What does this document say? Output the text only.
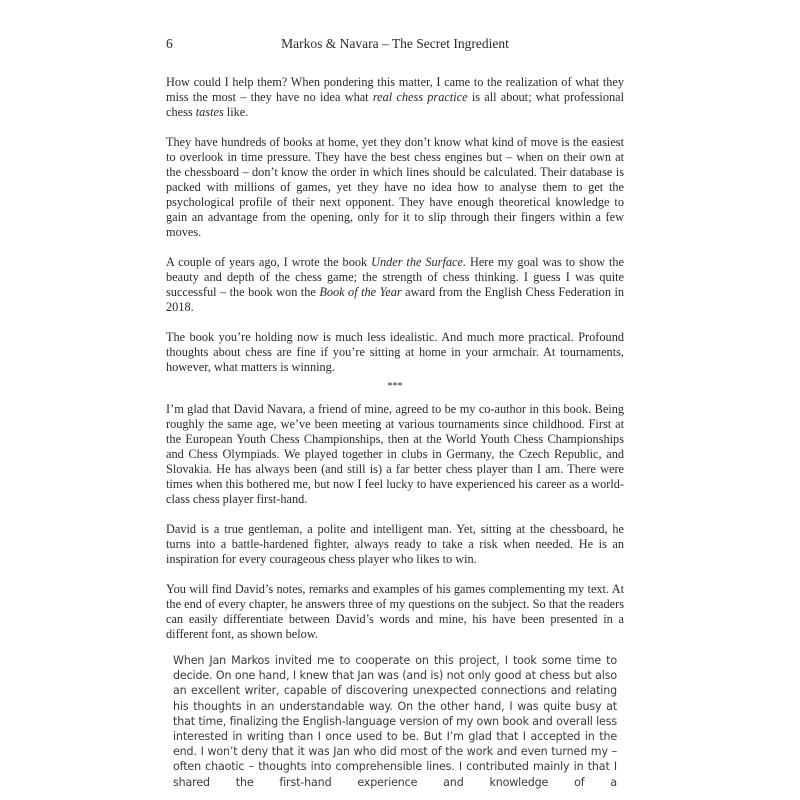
6	Markos & Navara – The Secret Ingredient

How could I help them? When pondering this matter, I came to the realization of what they miss the most – they have no idea what real chess practice is all about; what professional chess tastes like.

They have hundreds of books at home, yet they don’t know what kind of move is the easiest to overlook in time pressure. They have the best chess engines but – when on their own at the chessboard – don’t know the order in which lines should be calculated. Their database is packed with millions of games, yet they have no idea how to analyse them to get the psychological profile of their next opponent. They have enough theoretical knowledge to gain an advantage from the opening, only for it to slip through their fingers within a few moves.

A couple of years ago, I wrote the book Under the Surface. Here my goal was to show the beauty and depth of the chess game; the strength of chess thinking. I guess I was quite successful – the book won the Book of the Year award from the English Chess Federation in 2018.

The book you’re holding now is much less idealistic. And much more practical. Profound thoughts about chess are fine if you’re sitting at home in your armchair. At tournaments, however, what matters is winning.

***

I’m glad that David Navara, a friend of mine, agreed to be my co-author in this book. Being roughly the same age, we’ve been meeting at various tournaments since childhood. First at the European Youth Chess Championships, then at the World Youth Chess Championships and Chess Olympiads. We played together in clubs in Germany, the Czech Republic, and Slovakia. He has always been (and still is) a far better chess player than I am. There were times when this bothered me, but now I feel lucky to have experienced his career as a world-class chess player first-hand.

David is a true gentleman, a polite and intelligent man. Yet, sitting at the chessboard, he turns into a battle-hardened fighter, always ready to take a risk when needed. He is an inspiration for every courageous chess player who likes to win.

You will find David’s notes, remarks and examples of his games complementing my text. At the end of every chapter, he answers three of my questions on the subject. So that the readers can easily differentiate between David’s words and mine, his have been presented in a different font, as shown below.

When Jan Markos invited me to cooperate on this project, I took some time to decide. On one hand, I knew that Jan was (and is) not only good at chess but also an excellent writer, capable of discovering unexpected connections and relating his thoughts in an understandable way. On the other hand, I was quite busy at that time, finalizing the English-language version of my own book and overall less interested in writing than I once used to be. But I’m glad that I accepted in the end. I won’t deny that it was Jan who did most of the work and even turned my – often chaotic – thoughts into comprehensible lines. I contributed mainly in that I shared the first-hand experience and knowledge of a
